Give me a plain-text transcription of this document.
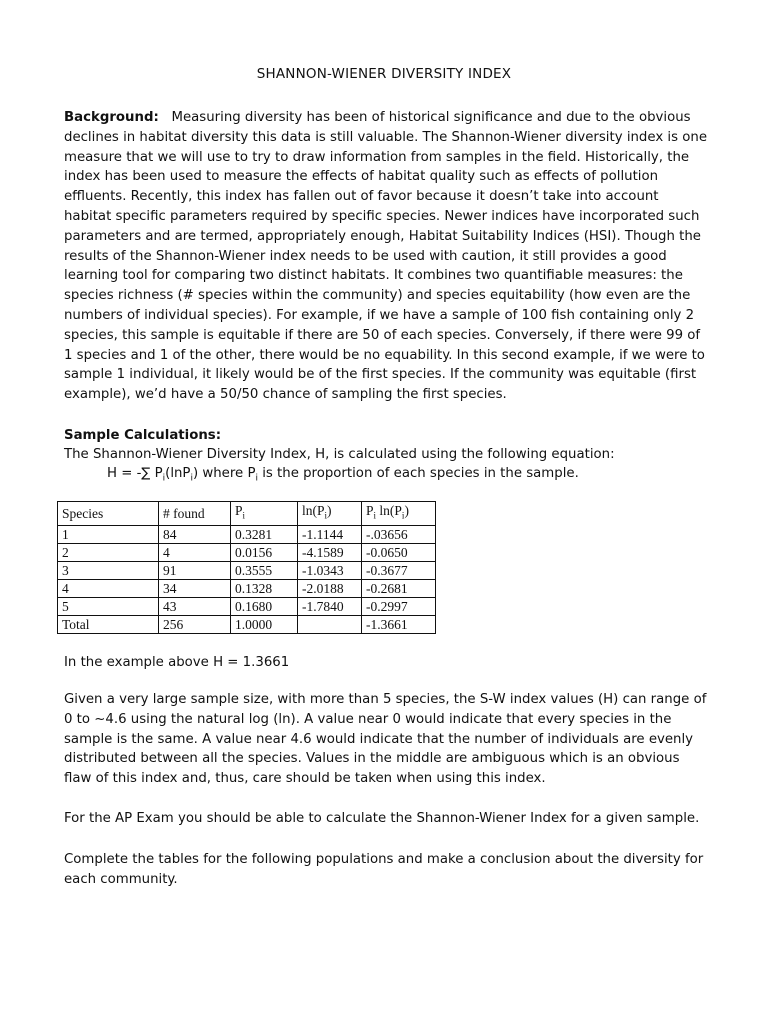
SHANNON-WIENER DIVERSITY INDEX

Background: Measuring diversity has been of historical significance and due to the obvious declines in habitat diversity this data is still valuable. The Shannon-Wiener diversity index is one measure that we will use to try to draw information from samples in the field. Historically, the index has been used to measure the effects of habitat quality such as effects of pollution effluents. Recently, this index has fallen out of favor because it doesn’t take into account habitat specific parameters required by specific species. Newer indices have incorporated such parameters and are termed, appropriately enough, Habitat Suitability Indices (HSI). Though the results of the Shannon-Wiener index needs to be used with caution, it still provides a good learning tool for comparing two distinct habitats. It combines two quantifiable measures: the species richness (# species within the community) and species equitability (how even are the numbers of individual species). For example, if we have a sample of 100 fish containing only 2 species, this sample is equitable if there are 50 of each species. Conversely, if there were 99 of 1 species and 1 of the other, there would be no equability. In this second example, if we were to sample 1 individual, it likely would be of the first species. If the community was equitable (first example), we’d have a 50/50 chance of sampling the first species.

Sample Calculations:

The Shannon-Wiener Diversity Index, H, is calculated using the following equation:

H = -∑ $P_i(\ln P_i)$ where $P_i$ is the proportion of each species in the sample.
Species	# found	$P_i$	$\ln(P_i)$	$P_i$ $\ln(P_i)$
1	84	0.3281	-1.1144	-.03656
2	4	0.0156	-4.1589	-0.0650
3	91	0.3555	-1.0343	-0.3677
4	34	0.1328	-2.0188	-0.2681
5	43	0.1680	-1.7840	-0.2997
Total	256	1.0000		-1.3661

In the example above H = 1.3661

Given a very large sample size, with more than 5 species, the S-W index values (H) can range of 0 to ~4.6 using the natural log (ln). A value near 0 would indicate that every species in the sample is the same. A value near 4.6 would indicate that the number of individuals are evenly distributed between all the species. Values in the middle are ambiguous which is an obvious flaw of this index and, thus, care should be taken when using this index.

For the AP Exam you should be able to calculate the Shannon-Wiener Index for a given sample.

Complete the tables for the following populations and make a conclusion about the diversity for each community.
